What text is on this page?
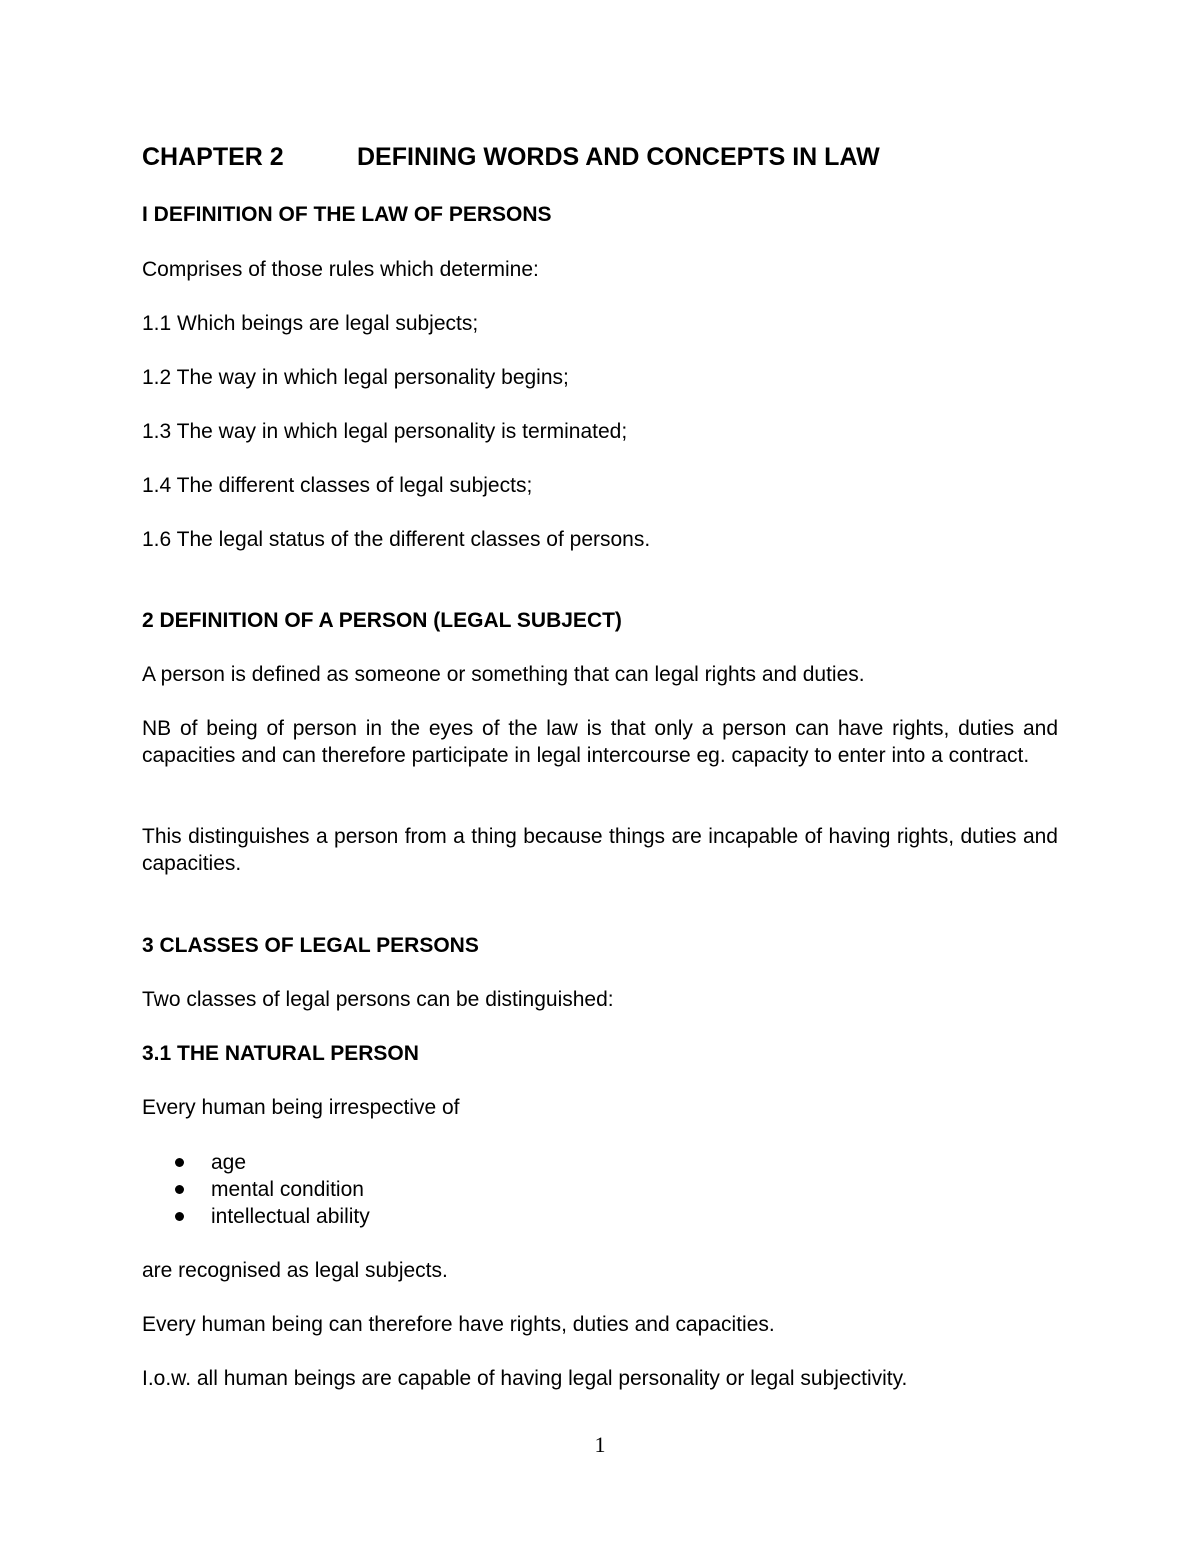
CHAPTER 2	DEFINING WORDS AND CONCEPTS IN LAW

I DEFINITION OF THE LAW OF PERSONS

Comprises of those rules which determine:

1.1 Which beings are legal subjects;

1.2 The way in which legal personality begins;

1.3 The way in which legal personality is terminated;

1.4 The different classes of legal subjects;

1.6 The legal status of the different classes of persons.

2 DEFINITION OF A PERSON (LEGAL SUBJECT)

A person is defined as someone or something that can legal rights and duties.

NB of being of person in the eyes of the law is that only a person can have rights, duties and capacities and can therefore participate in legal intercourse eg. capacity to enter into a contract.

This distinguishes a person from a thing because things are incapable of having rights, duties and capacities.

3 CLASSES OF LEGAL PERSONS

Two classes of legal persons can be distinguished:

3.1 THE NATURAL PERSON

Every human being irrespective of

age
mental condition
intellectual ability

are recognised as legal subjects.

Every human being can therefore have rights, duties and capacities.

I.o.w. all human beings are capable of having legal personality or legal subjectivity.

1
